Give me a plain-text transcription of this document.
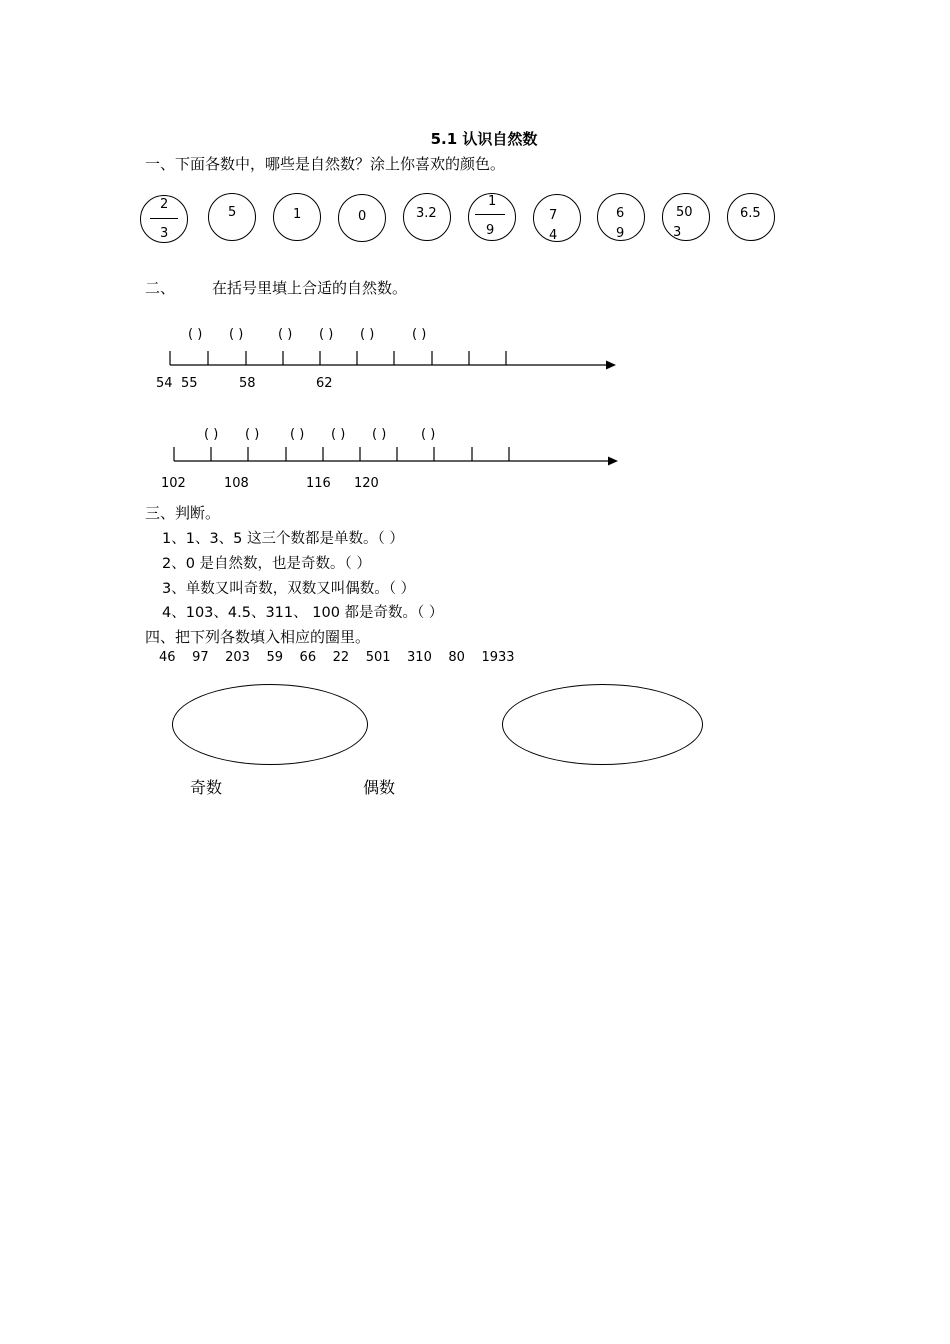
5.1 认识自然数
一、下面各数中，哪些是自然数？涂上你喜欢的颜色。
2
3
5	1	0	3.2
1
9
7
4
6
9
50
3
6.5
二、 在括号里填上合适的自然数。
( ) ( )	( ) ( ) ( )	( )
54 55	58	62
( ) ( ) ( ) ( ) ( )	( )
102	108	116 120
三、判断。
1、1、3、5 这三个数都是单数。（ ）
2、0 是自然数，也是奇数。（ ）
3、单数又叫奇数，双数又叫偶数。（ ）
4、103、4.5、311、 100 都是奇数。（ ）
四、把下列各数填入相应的圈里。
46    97    203    59    66    22    501    310    80    1933
奇数	偶数
